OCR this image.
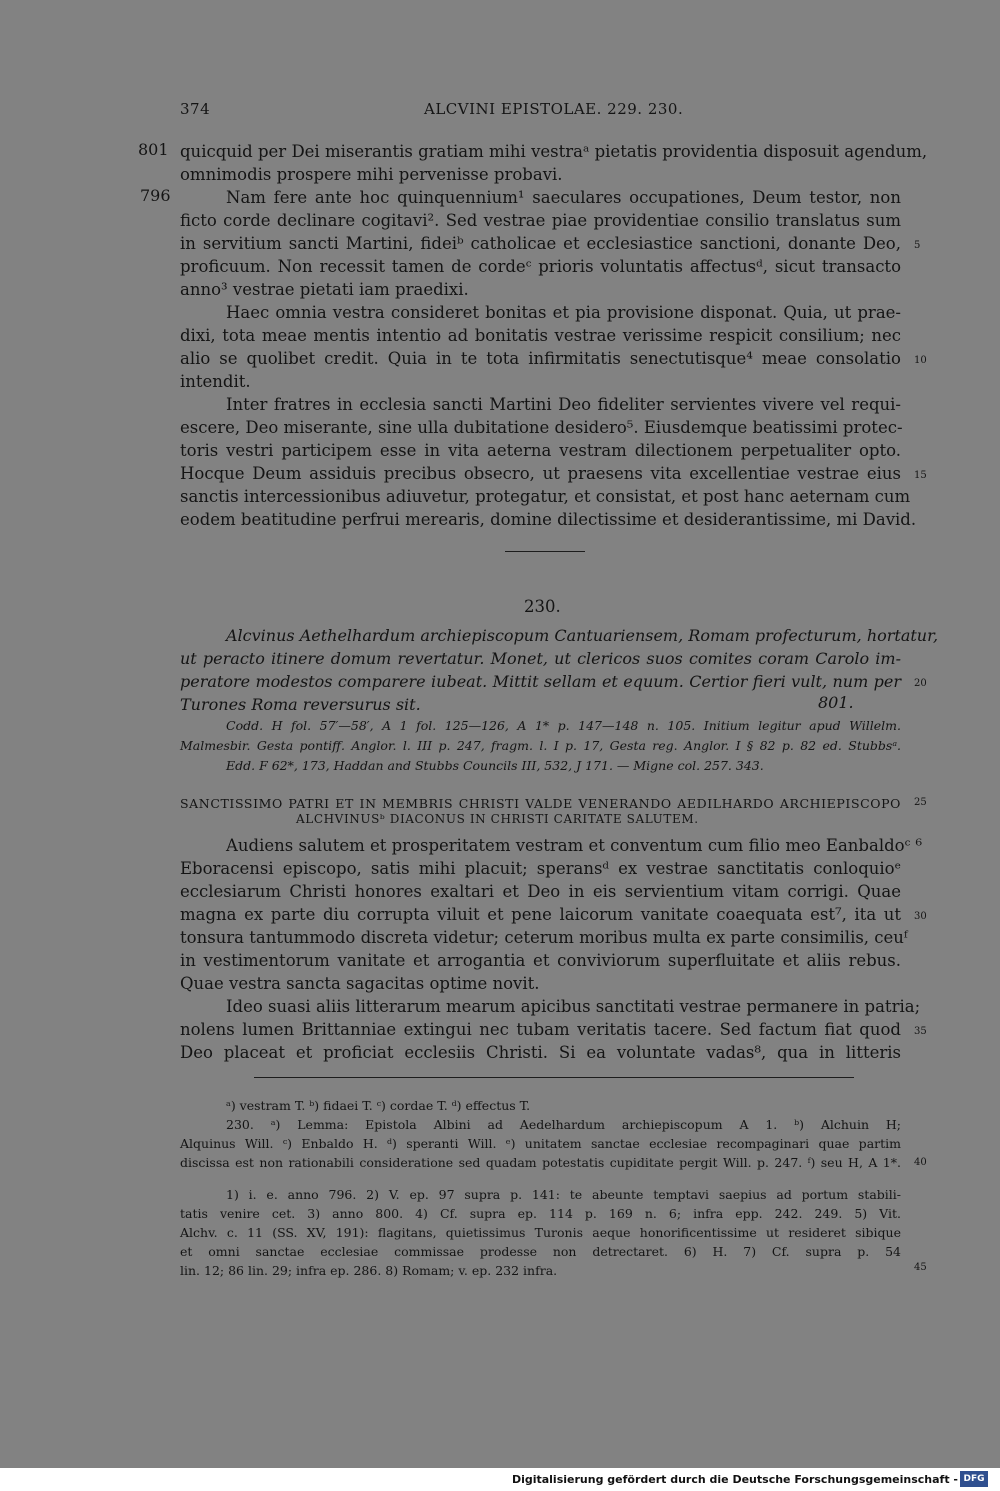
374	ALCVINI EPISTOLAE. 229. 230.
801
796
quicquid per Dei miserantis gratiam mihi vestraᵃ pietatis providentia disposuit agendum,
omnimodis prospere mihi pervenisse probavi.
Nam fere ante hoc quinquennium¹ saeculares occupationes, Deum testor, non
ficto corde declinare cogitavi². Sed vestrae piae providentiae consilio translatus sum
in servitium sancti Martini, fideiᵇ catholicae et ecclesiastice sanctioni, donante Deo,
proficuum. Non recessit tamen de cordeᶜ prioris voluntatis affectusᵈ, sicut transacto
anno³ vestrae pietati iam praedixi.
Haec omnia vestra consideret bonitas et pia provisione disponat. Quia, ut prae-
dixi, tota meae mentis intentio ad bonitatis vestrae verissime respicit consilium; nec
alio se quolibet credit. Quia in te tota infirmitatis senectutisque⁴ meae consolatio
intendit.
Inter fratres in ecclesia sancti Martini Deo fideliter servientes vivere vel requi-
escere, Deo miserante, sine ulla dubitatione desidero⁵. Eiusdemque beatissimi protec-
toris vestri participem esse in vita aeterna vestram dilectionem perpetualiter opto.
Hocque Deum assiduis precibus obsecro, ut praesens vita excellentiae vestrae eius
sanctis intercessionibus adiuvetur, protegatur, et consistat, et post hanc aeternam cum
eodem beatitudine perfrui merearis, domine dilectissime et desiderantissime, mi David.
230.
Alcvinus Aethelhardum archiepiscopum Cantuariensem, Romam profecturum, hortatur,
ut peracto itinere domum revertatur. Monet, ut clericos suos comites coram Carolo im-
peratore modestos comparere iubeat. Mittit sellam et equum. Certior fieri vult, num per
Turones Roma reversurus sit.	801.
Codd. H fol. 57′—58′, A 1 fol. 125—126, A 1* p. 147—148 n. 105. Initium legitur apud Willelm.
Malmesbir. Gesta pontiff. Anglor. l. III p. 247, fragm. l. I p. 17, Gesta reg. Anglor. I § 82 p. 82 ed. Stubbsᵃ.
Edd. F 62*, 173, Haddan and Stubbs Councils III, 532, J 171. — Migne col. 257. 343.
SANCTISSIMO PATRI ET IN MEMBRIS CHRISTI VALDE VENERANDO AEDILHARDO ARCHIEPISCOPO
ALCHVINUSᵇ DIACONUS IN CHRISTI CARITATE SALUTEM.
Audiens salutem et prosperitatem vestram et conventum cum filio meo Eanbaldoᶜ ⁶
Eboracensi episcopo, satis mihi placuit; speransᵈ ex vestrae sanctitatis conloquioᵉ
ecclesiarum Christi honores exaltari et Deo in eis servientium vitam corrigi. Quae
magna ex parte diu corrupta viluit et pene laicorum vanitate coaequata est⁷, ita ut
tonsura tantummodo discreta videtur; ceterum moribus multa ex parte consimilis, ceuᶠ
in vestimentorum vanitate et arrogantia et conviviorum superfluitate et aliis rebus.
Quae vestra sancta sagacitas optime novit.
Ideo suasi aliis litterarum mearum apicibus sanctitati vestrae permanere in patria;
nolens lumen Brittanniae extingui nec tubam veritatis tacere. Sed factum fiat quod
Deo placeat et proficiat ecclesiis Christi. Si ea voluntate vadas⁸, qua in litteris
5
10
15
20
25
30
35
40
45
ᵃ) vestram T. ᵇ) fidaei T. ᶜ) cordae T. ᵈ) effectus T.
230. ᵃ) Lemma: Epistola Albini ad Aedelhardum archiepiscopum A 1. ᵇ) Alchuin H;
Alquinus Will. ᶜ) Enbaldo H. ᵈ) speranti Will. ᵉ) unitatem sanctae ecclesiae recompaginari quae partim
discissa est non rationabili consideratione sed quadam potestatis cupiditate pergit Will. p. 247. ᶠ) seu H, A 1*.
1) i. e. anno 796. 2) V. ep. 97 supra p. 141: te abeunte temptavi saepius ad portum stabili-
tatis venire cet. 3) anno 800. 4) Cf. supra ep. 114 p. 169 n. 6; infra epp. 242. 249. 5) Vit.
Alchv. c. 11 (SS. XV, 191): flagitans, quietissimus Turonis aeque honorificentissime ut resideret sibique
et omni sanctae ecclesiae commissae prodesse non detrectaret. 6) H. 7) Cf. supra p. 54
lin. 12; 86 lin. 29; infra ep. 286. 8) Romam; v. ep. 232 infra.
Digitalisierung gefördert durch die Deutsche Forschungsgemeinschaft - DFG
